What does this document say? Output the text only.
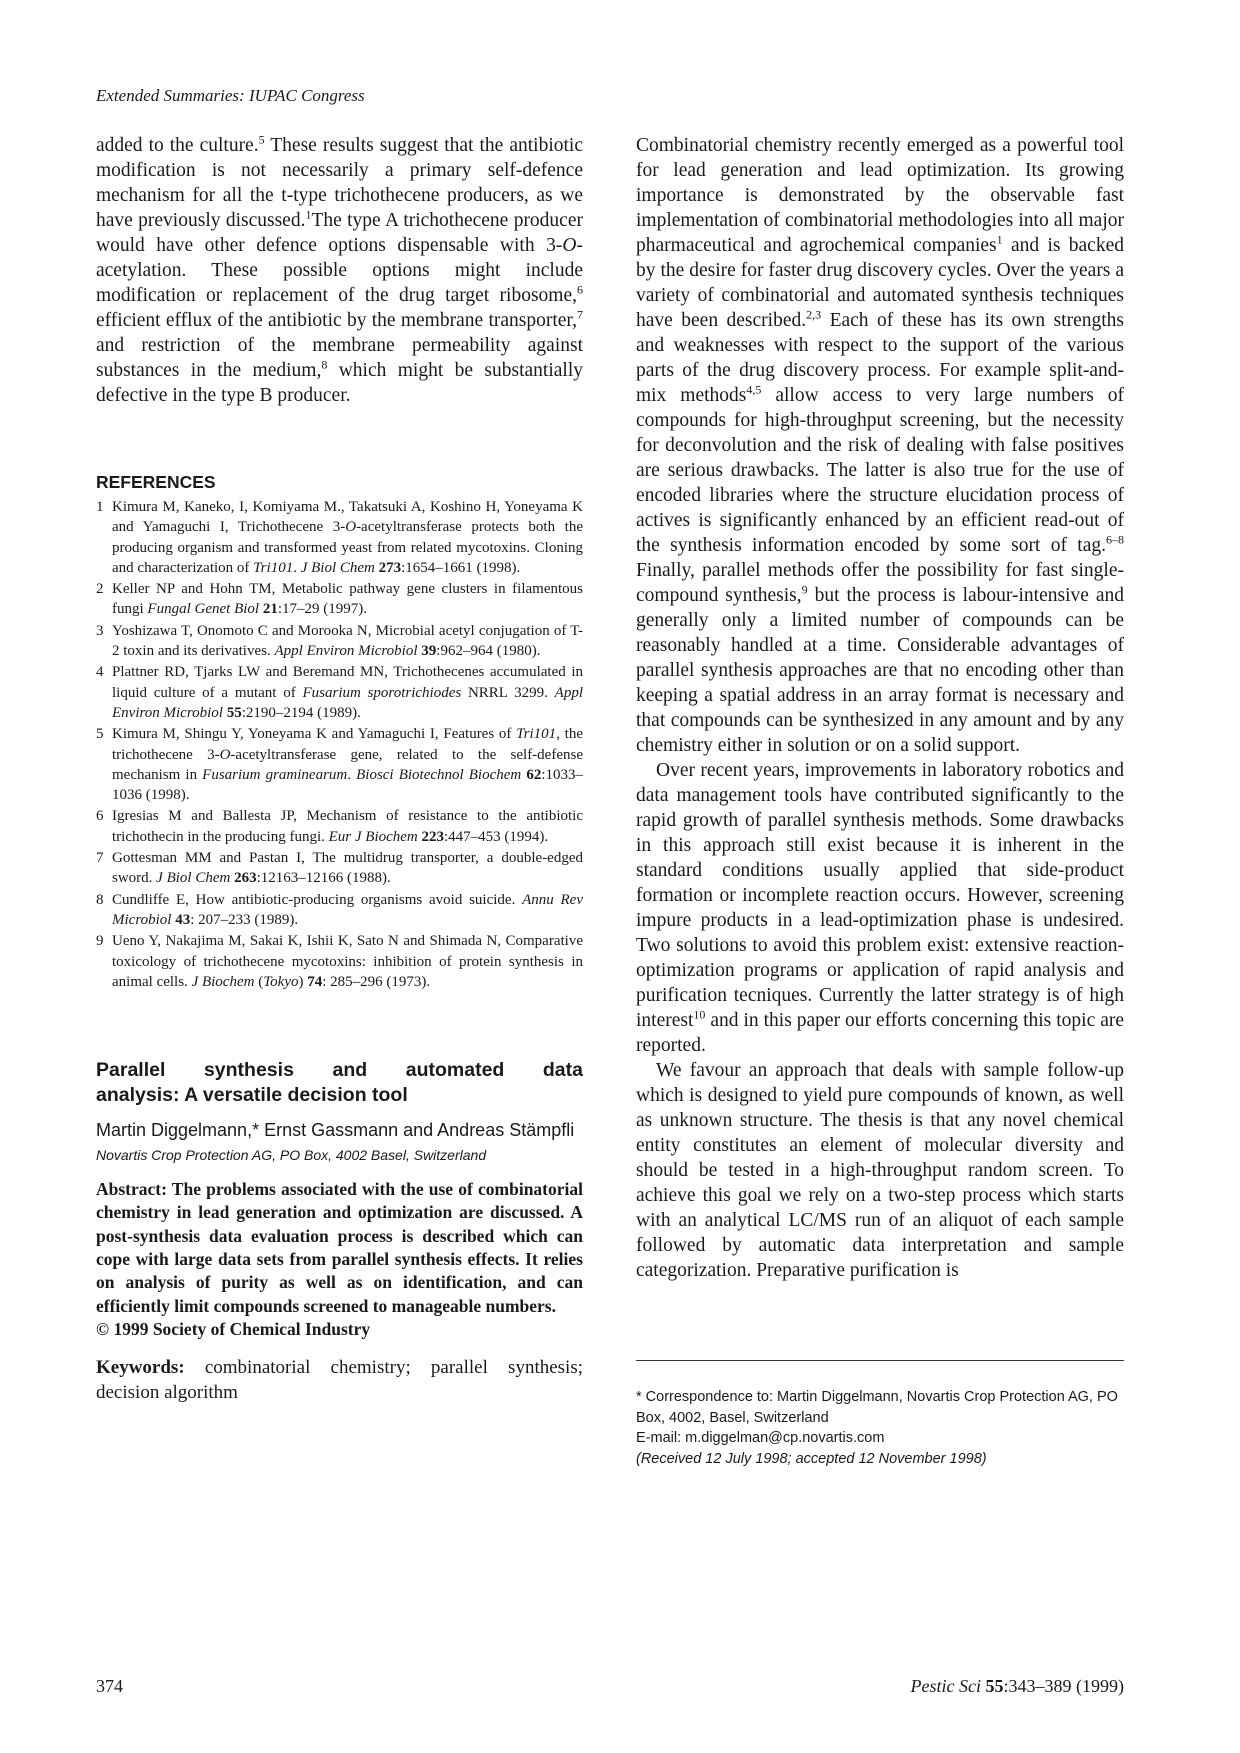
Extended Summaries: IUPAC Congress

added to the culture.$^5$ These results suggest that the antibiotic modification is not necessarily a primary self-defence mechanism for all the t-type trichothecene producers, as we have previously discussed.$^1$The type A trichothecene producer would have other defence options dispensable with 3-O-acetylation. These possible options might include modification or replacement of the drug target ribosome,$^6$ efficient efflux of the antibiotic by the membrane transporter,$^7$ and restriction of the membrane permeability against substances in the medium,$^8$ which might be substantially defective in the type B producer.

REFERENCES
1 Kimura M, Kaneko, I, Komiyama M., Takatsuki A, Koshino H, Yoneyama K and Yamaguchi I, Trichothecene 3-O-acetyltransferase protects both the producing organism and transformed yeast from related mycotoxins. Cloning and characterization of Tri101. J Biol Chem 273:1654–1661 (1998).
2 Keller NP and Hohn TM, Metabolic pathway gene clusters in filamentous fungi Fungal Genet Biol 21:17–29 (1997).
3 Yoshizawa T, Onomoto C and Morooka N, Microbial acetyl conjugation of T-2 toxin and its derivatives. Appl Environ Microbiol 39:962–964 (1980).
4 Plattner RD, Tjarks LW and Beremand MN, Trichothecenes accumulated in liquid culture of a mutant of Fusarium sporotrichiodes NRRL 3299. Appl Environ Microbiol 55:2190–2194 (1989).
5 Kimura M, Shingu Y, Yoneyama K and Yamaguchi I, Features of Tri101, the trichothecene 3-O-acetyltransferase gene, related to the self-defense mechanism in Fusarium graminearum. Biosci Biotechnol Biochem 62:1033–1036 (1998).
6 Igresias M and Ballesta JP, Mechanism of resistance to the antibiotic trichothecin in the producing fungi. Eur J Biochem 223:447–453 (1994).
7 Gottesman MM and Pastan I, The multidrug transporter, a double-edged sword. J Biol Chem 263:12163–12166 (1988).
8 Cundliffe E, How antibiotic-producing organisms avoid suicide. Annu Rev Microbiol 43: 207–233 (1989).
9 Ueno Y, Nakajima M, Sakai K, Ishii K, Sato N and Shimada N, Comparative toxicology of trichothecene mycotoxins: inhibition of protein synthesis in animal cells. J Biochem (Tokyo) 74: 285–296 (1973).
Parallel synthesis and automated data
analysis: A versatile decision tool
Martin Diggelmann,* Ernst Gassmann and Andreas Stämpfli
Novartis Crop Protection AG, PO Box, 4002 Basel, Switzerland

Abstract: The problems associated with the use of combinatorial chemistry in lead generation and optimization are discussed. A post-synthesis data evaluation process is described which can cope with large data sets from parallel synthesis effects. It relies on analysis of purity as well as on identification, and can efficiently limit compounds screened to manageable numbers.

© 1999 Society of Chemical Industry

Keywords: combinatorial chemistry; parallel synthesis; decision algorithm

Combinatorial chemistry recently emerged as a powerful tool for lead generation and lead optimization. Its growing importance is demonstrated by the observable fast implementation of combinatorial methodologies into all major pharmaceutical and agrochemical companies$^1$ and is backed by the desire for faster drug discovery cycles. Over the years a variety of combinatorial and automated synthesis techniques have been described.$^{2,3}$ Each of these has its own strengths and weaknesses with respect to the support of the various parts of the drug discovery process. For example split-and-mix methods$^{4,5}$ allow access to very large numbers of compounds for high-throughput screening, but the necessity for deconvolution and the risk of dealing with false positives are serious drawbacks. The latter is also true for the use of encoded libraries where the structure elucidation process of actives is significantly enhanced by an efficient read-out of the synthesis information encoded by some sort of tag.$^{6-8}$ Finally, parallel methods offer the possibility for fast single-compound synthesis,$^9$ but the process is labour-intensive and generally only a limited number of compounds can be reasonably handled at a time. Considerable advantages of parallel synthesis approaches are that no encoding other than keeping a spatial address in an array format is necessary and that compounds can be synthesized in any amount and by any chemistry either in solution or on a solid support.

Over recent years, improvements in laboratory robotics and data management tools have contributed significantly to the rapid growth of parallel synthesis methods. Some drawbacks in this approach still exist because it is inherent in the standard conditions usually applied that side-product formation or incomplete reaction occurs. However, screening impure products in a lead-optimization phase is undesired. Two solutions to avoid this problem exist: extensive reaction-optimization programs or application of rapid analysis and purification tecniques. Currently the latter strategy is of high interest$^{10}$ and in this paper our efforts concerning this topic are reported.

We favour an approach that deals with sample follow-up which is designed to yield pure compounds of known, as well as unknown structure. The thesis is that any novel chemical entity constitutes an element of molecular diversity and should be tested in a high-throughput random screen. To achieve this goal we rely on a two-step process which starts with an analytical LC/MS run of an aliquot of each sample followed by automatic data interpretation and sample categorization. Preparative purification is

* Correspondence to: Martin Diggelmann, Novartis Crop Protection AG, PO Box, 4002, Basel, Switzerland
E-mail: m.diggelman@cp.novartis.com
(Received 12 July 1998; accepted 12 November 1998)
374	Pestic Sci 55:343–389 (1999)
